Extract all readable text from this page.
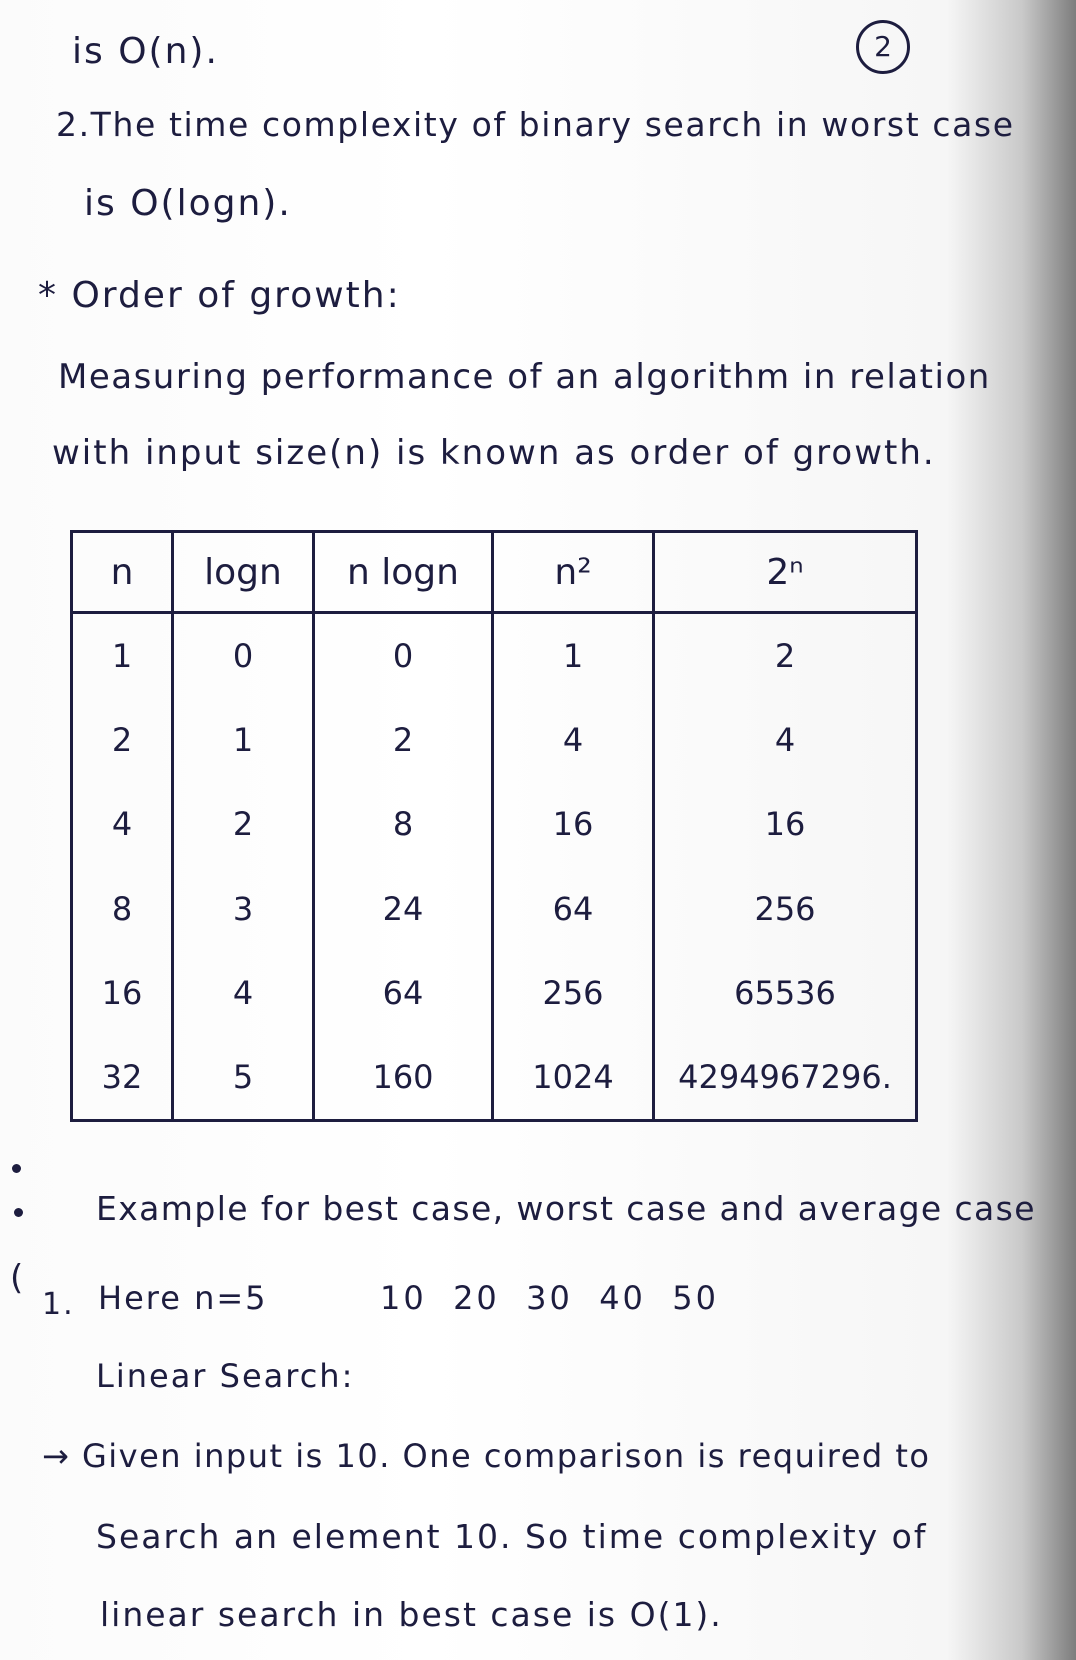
2
is O(n).
2.The time complexity of binary search in worst case
is O(logn).
* Order of growth:
Measuring performance of an algorithm in relation
with input size(n) is known as order of growth.
n	logn	n logn	n²	2ⁿ
1	0	0	1	2
2	1	2	4	4
4	2	8	16	16
8	3	24	64	256
16	4	64	256	65536
32	5	160	1024	4294967296.
(
Example for best case, worst case and average case
1. Here n=5	10  20  30  40  50
Linear Search:
→ Given input is 10. One comparison is required to
Search an element 10. So time complexity of
linear search in best case is O(1).
